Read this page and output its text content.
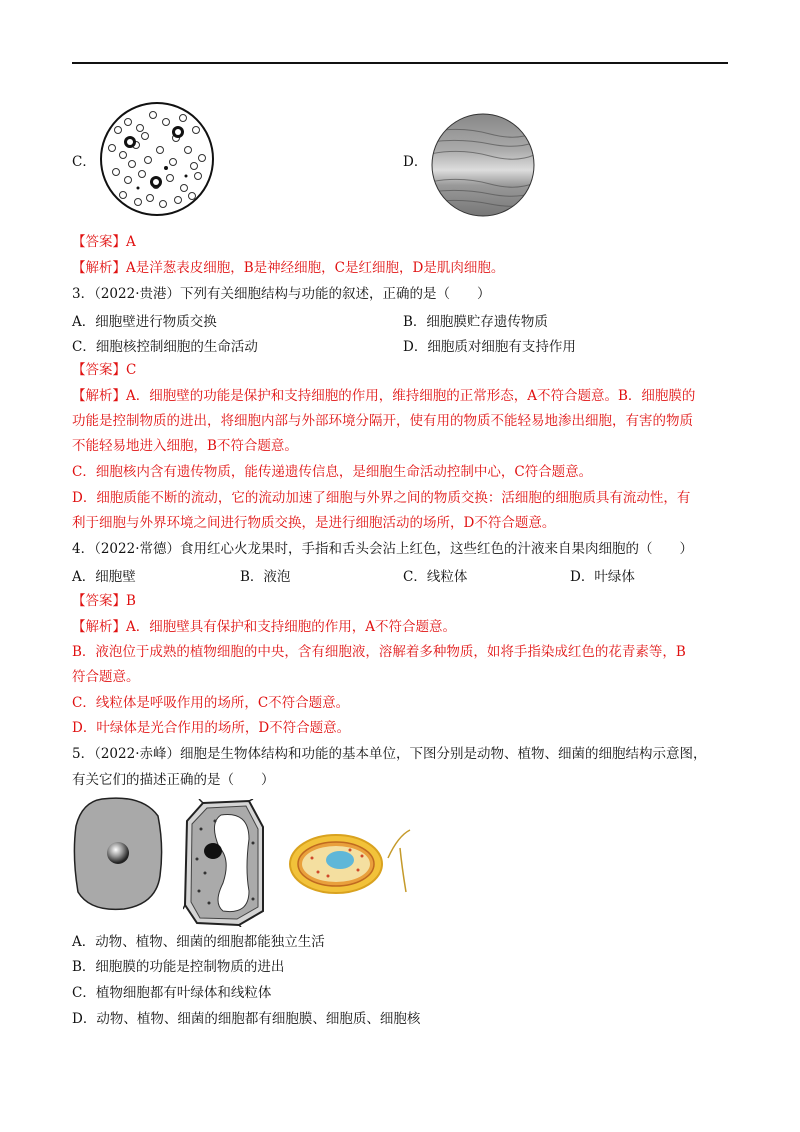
C．	D．
【答案】A
【解析】A是洋葱表皮细胞，B是神经细胞，C是红细胞，D是肌肉细胞。
3．（2022·贵港）下列有关细胞结构与功能的叙述，正确的是（　　）
A．细胞壁进行物质交换	B．细胞膜贮存遗传物质
C．细胞核控制细胞的生命活动	D．细胞质对细胞有支持作用
【答案】C
【解析】A．细胞壁的功能是保护和支持细胞的作用，维持细胞的正常形态，A不符合题意。B．细胞膜的
功能是控制物质的进出，将细胞内部与外部环境分隔开，使有用的物质不能轻易地渗出细胞，有害的物质
不能轻易地进入细胞，B不符合题意。
C．细胞核内含有遗传物质，能传递遗传信息，是细胞生命活动控制中心，C符合题意。
D．细胞质能不断的流动，它的流动加速了细胞与外界之间的物质交换：活细胞的细胞质具有流动性，有
利于细胞与外界环境之间进行物质交换，是进行细胞活动的场所，D不符合题意。
4．（2022·常德）食用红心火龙果时，手指和舌头会沾上红色，这些红色的汁液来自果肉细胞的（　　）
A．细胞壁	B．液泡	C．线粒体	D．叶绿体
【答案】B
【解析】A．细胞壁具有保护和支持细胞的作用，A不符合题意。
B．液泡位于成熟的植物细胞的中央，含有细胞液，溶解着多种物质，如将手指染成红色的花青素等，B
符合题意。
C．线粒体是呼吸作用的场所，C不符合题意。
D．叶绿体是光合作用的场所，D不符合题意。
5．（2022·赤峰）细胞是生物体结构和功能的基本单位，下图分别是动物、植物、细菌的细胞结构示意图，
有关它们的描述正确的是（　　）
A．动物、植物、细菌的细胞都能独立生活
B．细胞膜的功能是控制物质的进出
C．植物细胞都有叶绿体和线粒体
D．动物、植物、细菌的细胞都有细胞膜、细胞质、细胞核
